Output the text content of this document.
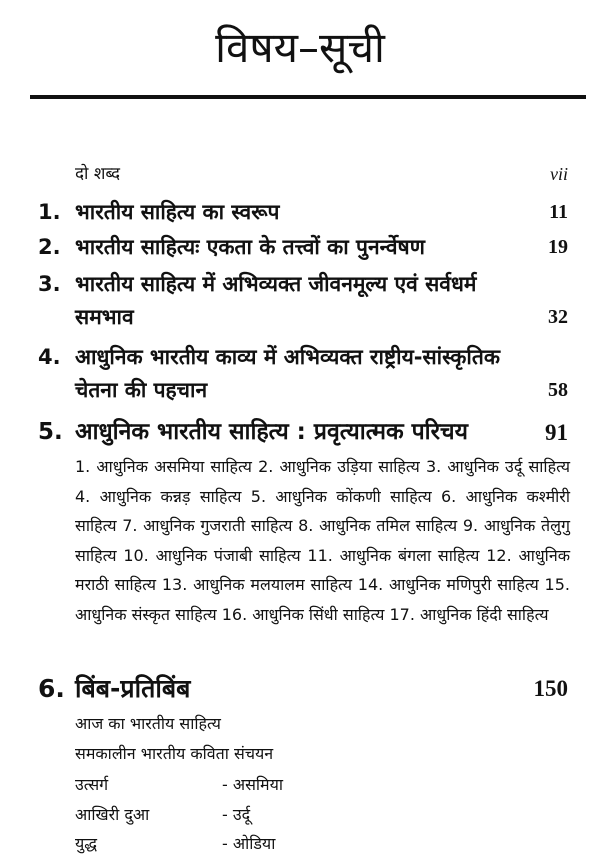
विषय–सूची
दो शब्द	vii
1. भारतीय साहित्य का स्वरूप	11
2. भारतीय साहित्यः एकता के तत्त्वों का पुनर्न्वेषण	19
3. भारतीय साहित्य में अभिव्यक्त जीवनमूल्य एवं सर्वधर्म समभाव	32
4. आधुनिक भारतीय काव्य में अभिव्यक्त राष्ट्रीय-सांस्कृतिक चेतना की पहचान	58
5. आधुनिक भारतीय साहित्य : प्रवृत्यात्मक परिचय	91
1. आधुनिक असमिया साहित्य 2. आधुनिक उड़िया साहित्य 3. आधुनिक उर्दू साहित्य 4. आधुनिक कन्नड़ साहित्य 5. आधुनिक कोंकणी साहित्य 6. आधुनिक कश्मीरी साहित्य 7. आधुनिक गुजराती साहित्य 8. आधुनिक तमिल साहित्य 9. आधुनिक तेलुगु साहित्य 10. आधुनिक पंजाबी साहित्य 11. आधुनिक बंगला साहित्य 12. आधुनिक मराठी साहित्य 13. आधुनिक मलयालम साहित्य 14. आधुनिक मणिपुरी साहित्य 15. आधुनिक संस्कृत साहित्य 16. आधुनिक सिंधी साहित्य 17. आधुनिक हिंदी साहित्य
6. बिंब-प्रतिबिंब	150
आज का भारतीय साहित्य
समकालीन भारतीय कविता संचयन
उत्सर्ग	- असमिया
आखिरी दुआ	- उर्दू
युद्ध	- ओडिया
